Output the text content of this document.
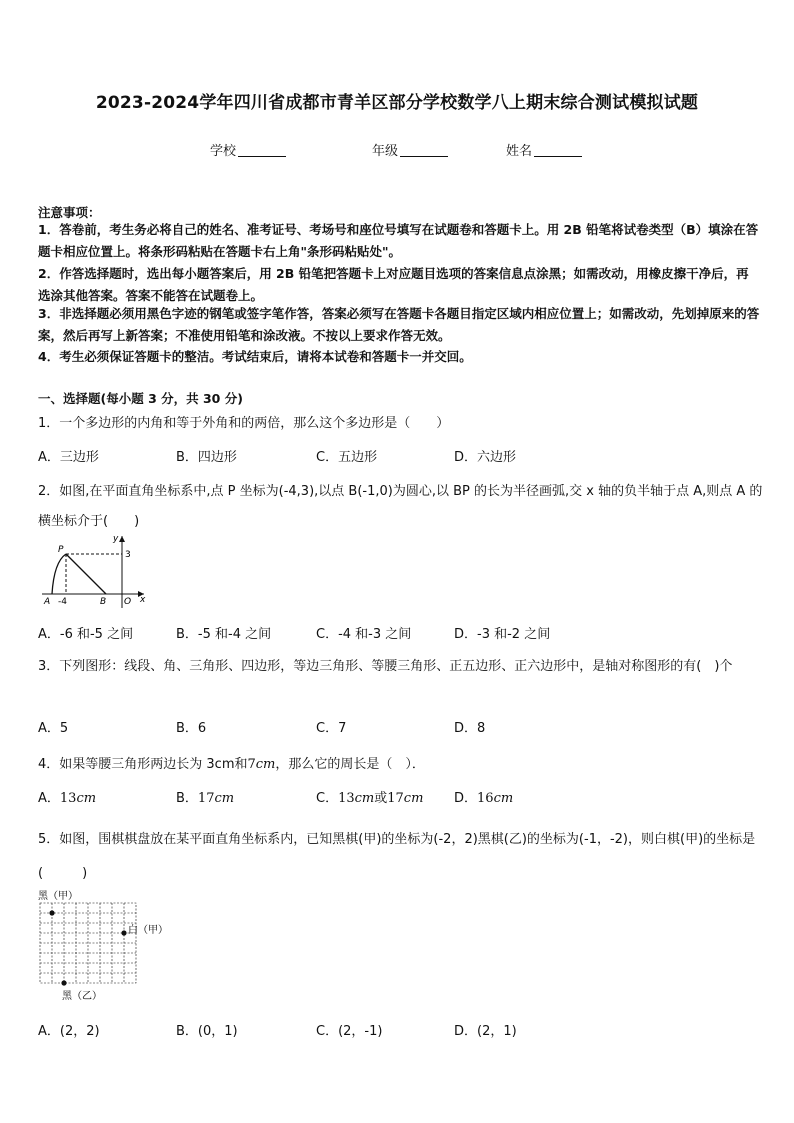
2023-2024学年四川省成都市青羊区部分学校数学八上期末综合测试模拟试题
学校	年级	姓名
注意事项：
1．答卷前，考生务必将自己的姓名、准考证号、考场号和座位号填写在试题卷和答题卡上。用 2B 铅笔将试卷类型（B）填涂在答题卡相应位置上。将条形码粘贴在答题卡右上角"条形码粘贴处"。
2．作答选择题时，选出每小题答案后，用 2B 铅笔把答题卡上对应题目选项的答案信息点涂黑；如需改动，用橡皮擦干净后，再选涂其他答案。答案不能答在试题卷上。
3．非选择题必须用黑色字迹的钢笔或签字笔作答，答案必须写在答题卡各题目指定区域内相应位置上；如需改动，先划掉原来的答案，然后再写上新答案；不准使用铅笔和涂改液。不按以上要求作答无效。
4．考生必须保证答题卡的整洁。考试结束后，请将本试卷和答题卡一并交回。
一、选择题(每小题 3 分，共 30 分)
1．一个多边形的内角和等于外角和的两倍，那么这个多边形是（　　）
A．三边形	B．四边形	C．五边形	D．六边形
2．如图,在平面直角坐标系中,点 P 坐标为(-4,3),以点 B(-1,0)为圆心,以 BP 的长为半径画弧,交 x 轴的负半轴于点 A,则点 A 的横坐标介于(　　)
P
A -4	B O x
y
3
A．-6 和-5 之间	B．-5 和-4 之间	C．-4 和-3 之间	D．-3 和-2 之间
3．下列图形：线段、角、三角形、四边形，等边三角形、等腰三角形、正五边形、正六边形中，是轴对称图形的有(　)个
A．5	B．6	C．7	D．8
4．如果等腰三角形两边长为 3cm和7cm，那么它的周长是（　）．
A．13cm	B．17cm	C．13cm或17cm D．16cm
5．如图，围棋棋盘放在某平面直角坐标系内，已知黑棋(甲)的坐标为(-2，2)黑棋(乙)的坐标为(-1，-2)，则白棋(甲)的坐标是(　　　)
黑（甲）
白（甲）
黑（乙）
A．(2，2)	B．(0，1)	C．(2，-1)	D．(2，1)
